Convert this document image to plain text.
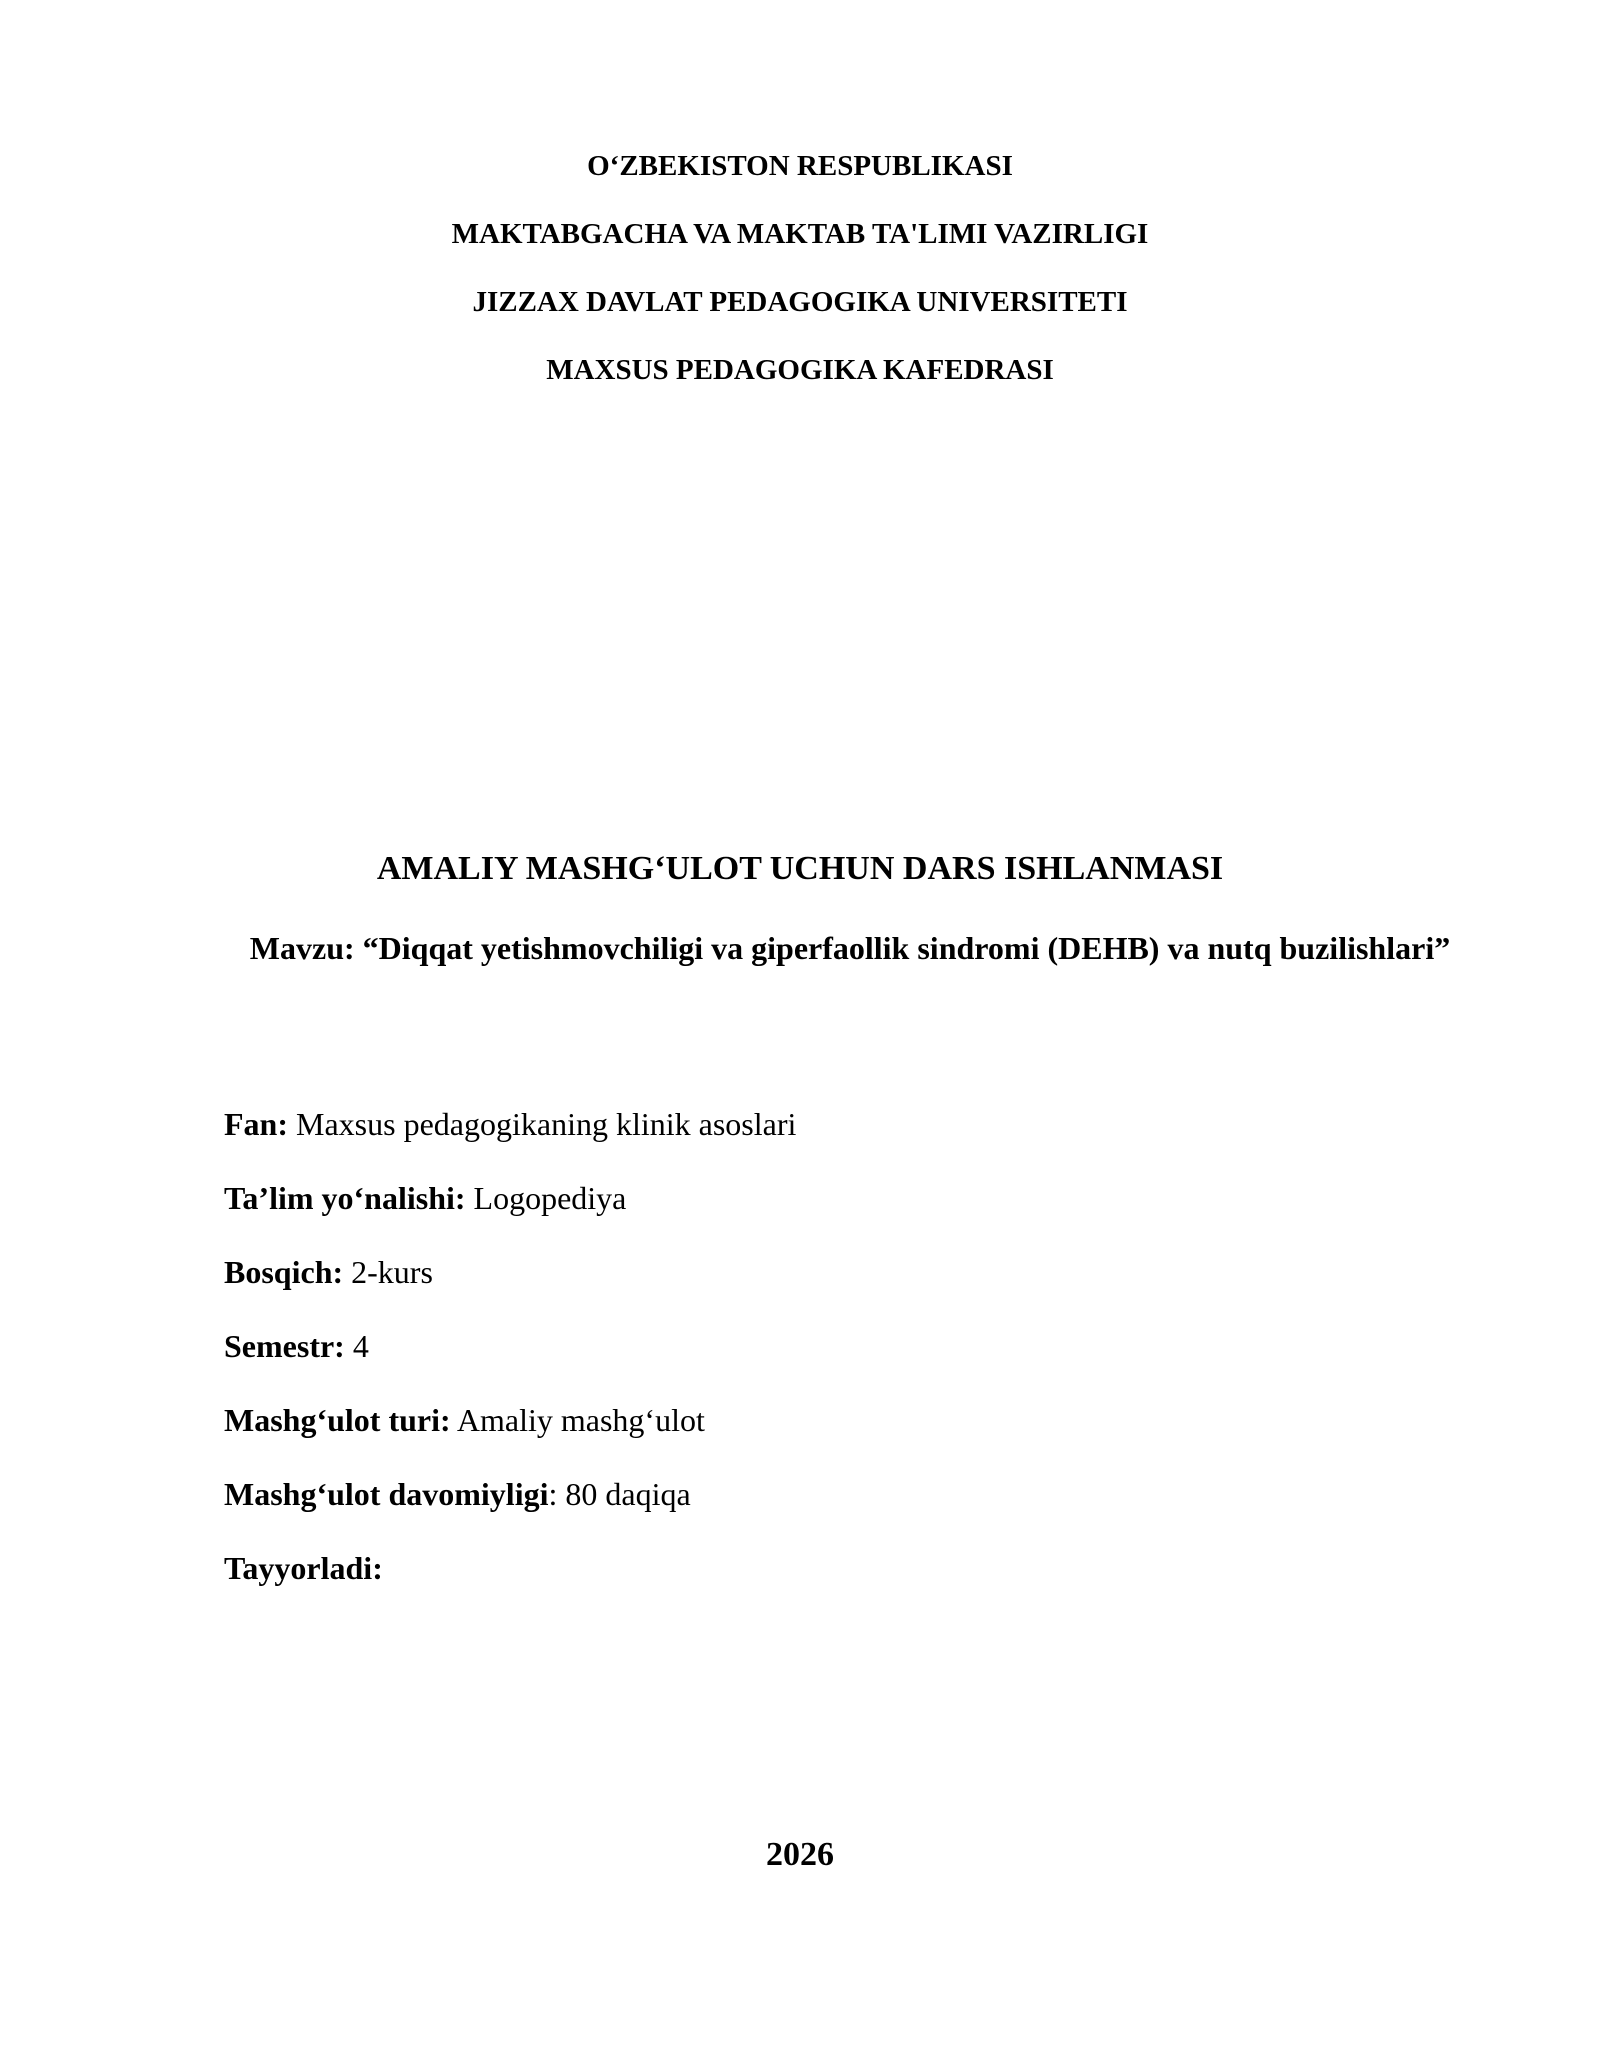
O‘ZBEKISTON RESPUBLIKASI
MAKTABGACHA VA MAKTAB TA'LIMI VAZIRLIGI
JIZZAX DAVLAT PEDAGOGIKA UNIVERSITETI
MAXSUS PEDAGOGIKA KAFEDRASI
AMALIY MASHG‘ULOT UCHUN DARS ISHLANMASI
Mavzu: “Diqqat yetishmovchiligi va giperfaollik sindromi (DEHB) va nutq buzilishlari”
Fan: Maxsus pedagogikaning klinik asoslari
Ta’lim yo‘nalishi: Logopediya
Bosqich: 2-kurs
Semestr: 4
Mashg‘ulot turi: Amaliy mashg‘ulot
Mashg‘ulot davomiyligi: 80 daqiqa
Tayyorladi:
2026
